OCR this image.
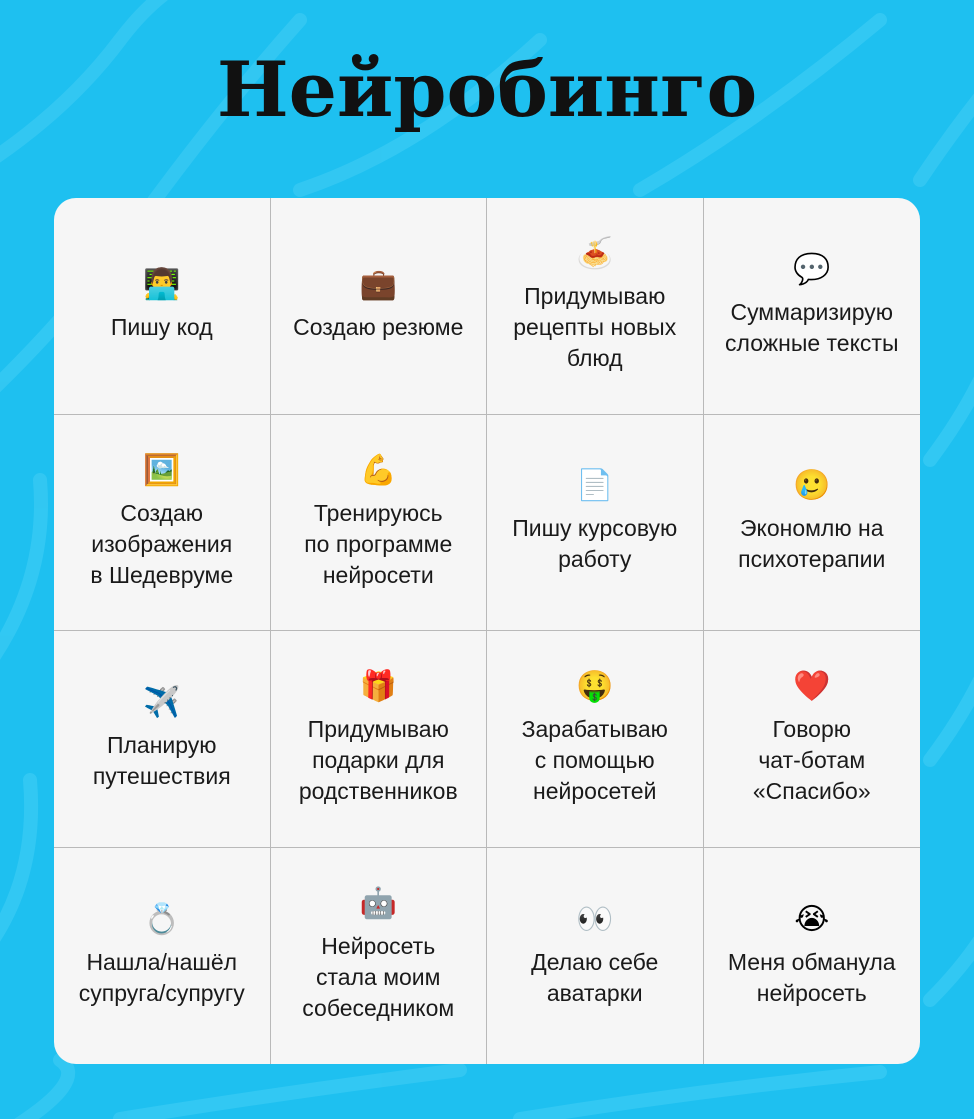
Нейробинго
👨‍💻
Пишу код
💼
Создаю резюме
🍝
Придумываю
рецепты новых
блюд
💬
Суммаризирую
сложные тексты
🖼️
Создаю
изображения
в Шедевруме
💪
Тренируюсь
по программе
нейросети
📄
Пишу курсовую
работу
🥲
Экономлю на
психотерапии
✈️
Планирую
путешествия
🎁
Придумываю
подарки для
родственников
🤑
Зарабатываю
с помощью
нейросетей
❤️
Говорю
чат-ботам
«Спасибо»
💍
Нашла/нашёл
супруга/супругу
🤖
Нейросеть
стала моим
собеседником
👀
Делаю себе
аватарки
😭
Меня обманула
нейросеть
